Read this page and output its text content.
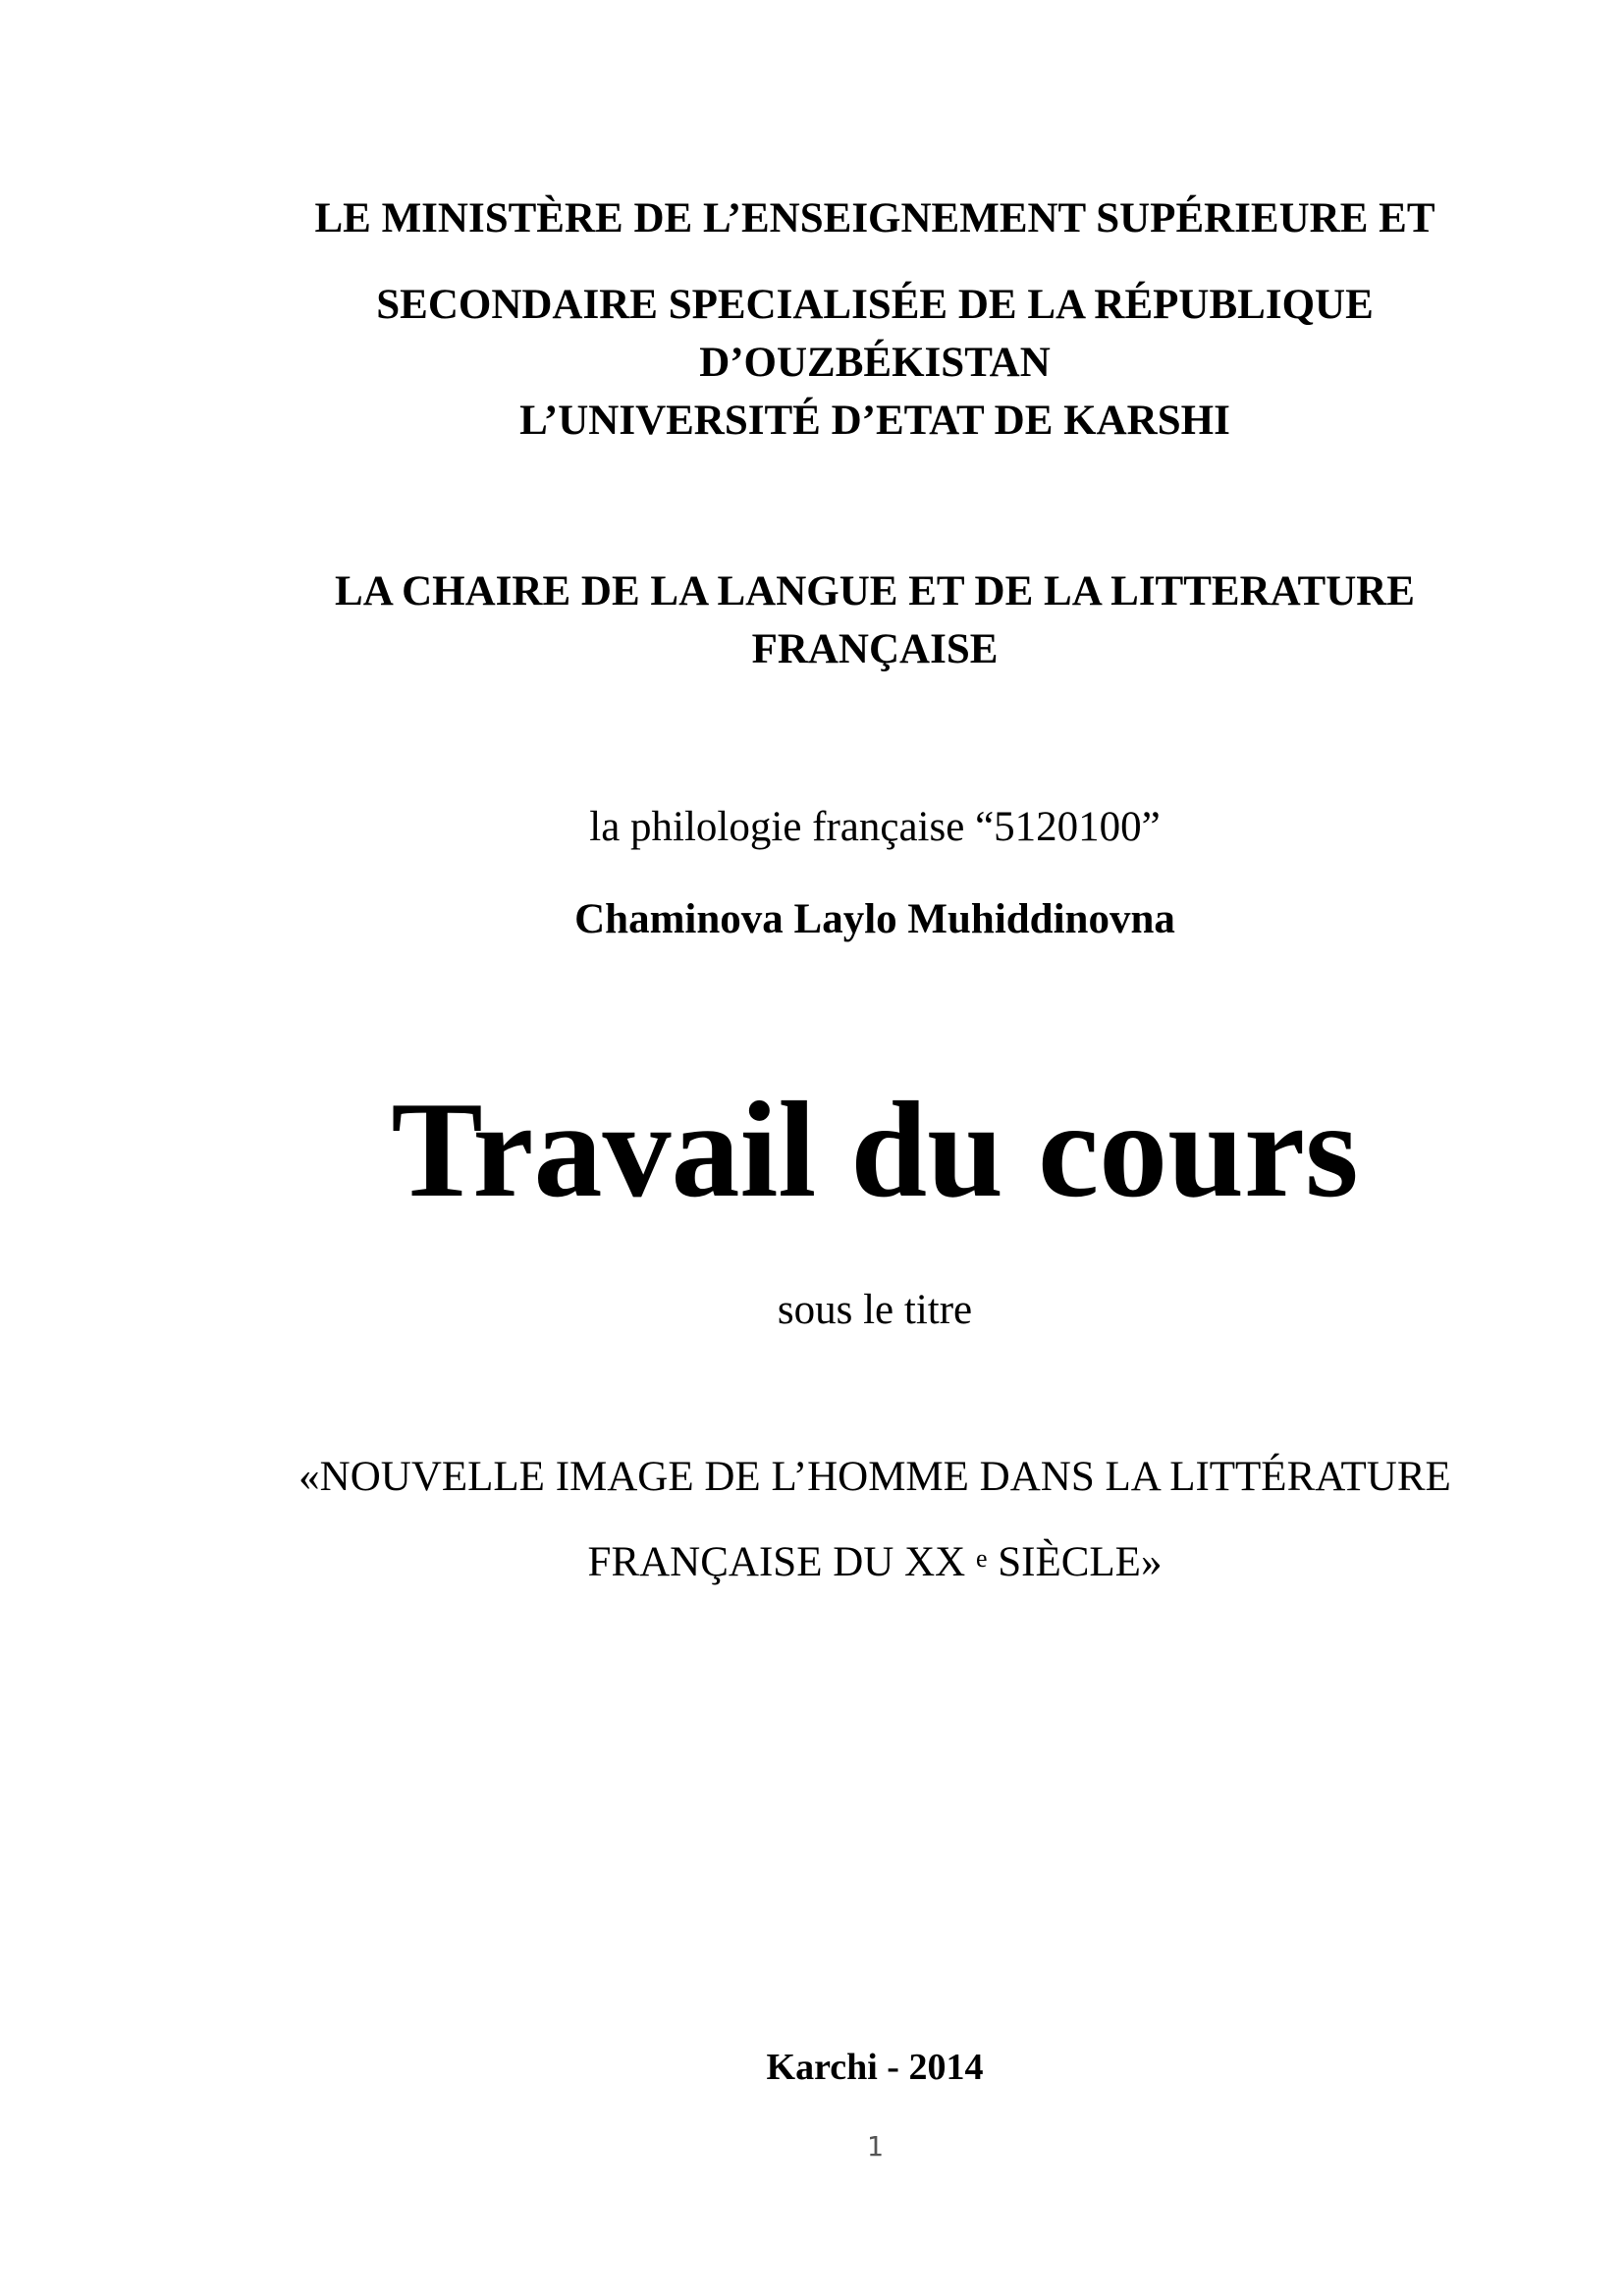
LE MINISTÈRE DE L’ENSEIGNEMENT SUPÉRIEURE ET

SECONDAIRE SPECIALISÉE DE LA RÉPUBLIQUE

D’OUZBÉKISTAN

L’UNIVERSITÉ D’ETAT DE KARSHI

LA CHAIRE DE LA LANGUE ET DE LA LITTERATURE

FRANÇAISE

la philologie française “5120100”

Chaminova Laylo Muhiddinovna

Travail du cours

sous le titre

«NOUVELLE IMAGE DE L’HOMME DANS LA LITTÉRATURE

FRANÇAISE DU XX $^e$ SIÈCLE»

Karchi - 2014

1
